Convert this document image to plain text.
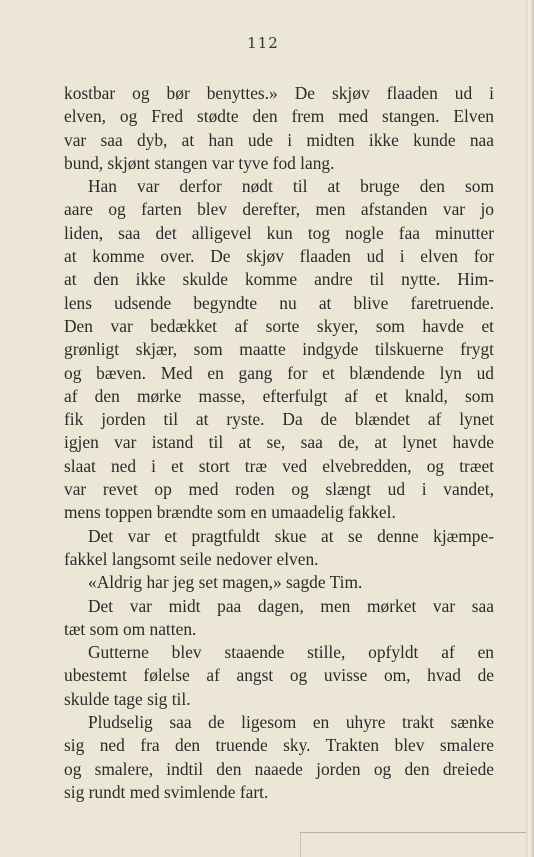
112
kostbar og bør benyttes.» De skjøv flaaden ud i
elven, og Fred stødte den frem med stangen. Elven
var saa dyb, at han ude i midten ikke kunde naa
bund, skjønt stangen var tyve fod lang.
Han var derfor nødt til at bruge den som
aare og farten blev derefter, men afstanden var jo
liden, saa det alligevel kun tog nogle faa minutter
at komme over. De skjøv flaaden ud i elven for
at den ikke skulde komme andre til nytte. Him-
lens udsende begyndte nu at blive faretruende.
Den var bedækket af sorte skyer, som havde et
grønligt skjær, som maatte indgyde tilskuerne frygt
og bæven. Med en gang for et blændende lyn ud
af den mørke masse, efterfulgt af et knald, som
fik jorden til at ryste. Da de blændet af lynet
igjen var istand til at se, saa de, at lynet havde
slaat ned i et stort træ ved elvebredden, og træet
var revet op med roden og slængt ud i vandet,
mens toppen brændte som en umaadelig fakkel.
Det var et pragtfuldt skue at se denne kjæmpe-
fakkel langsomt seile nedover elven.
«Aldrig har jeg set magen,» sagde Tim.
Det var midt paa dagen, men mørket var saa
tæt som om natten.
Gutterne blev staaende stille, opfyldt af en
ubestemt følelse af angst og uvisse om, hvad de
skulde tage sig til.
Pludselig saa de ligesom en uhyre trakt sænke
sig ned fra den truende sky. Trakten blev smalere
og smalere, indtil den naaede jorden og den dreiede
sig rundt med svimlende fart.
